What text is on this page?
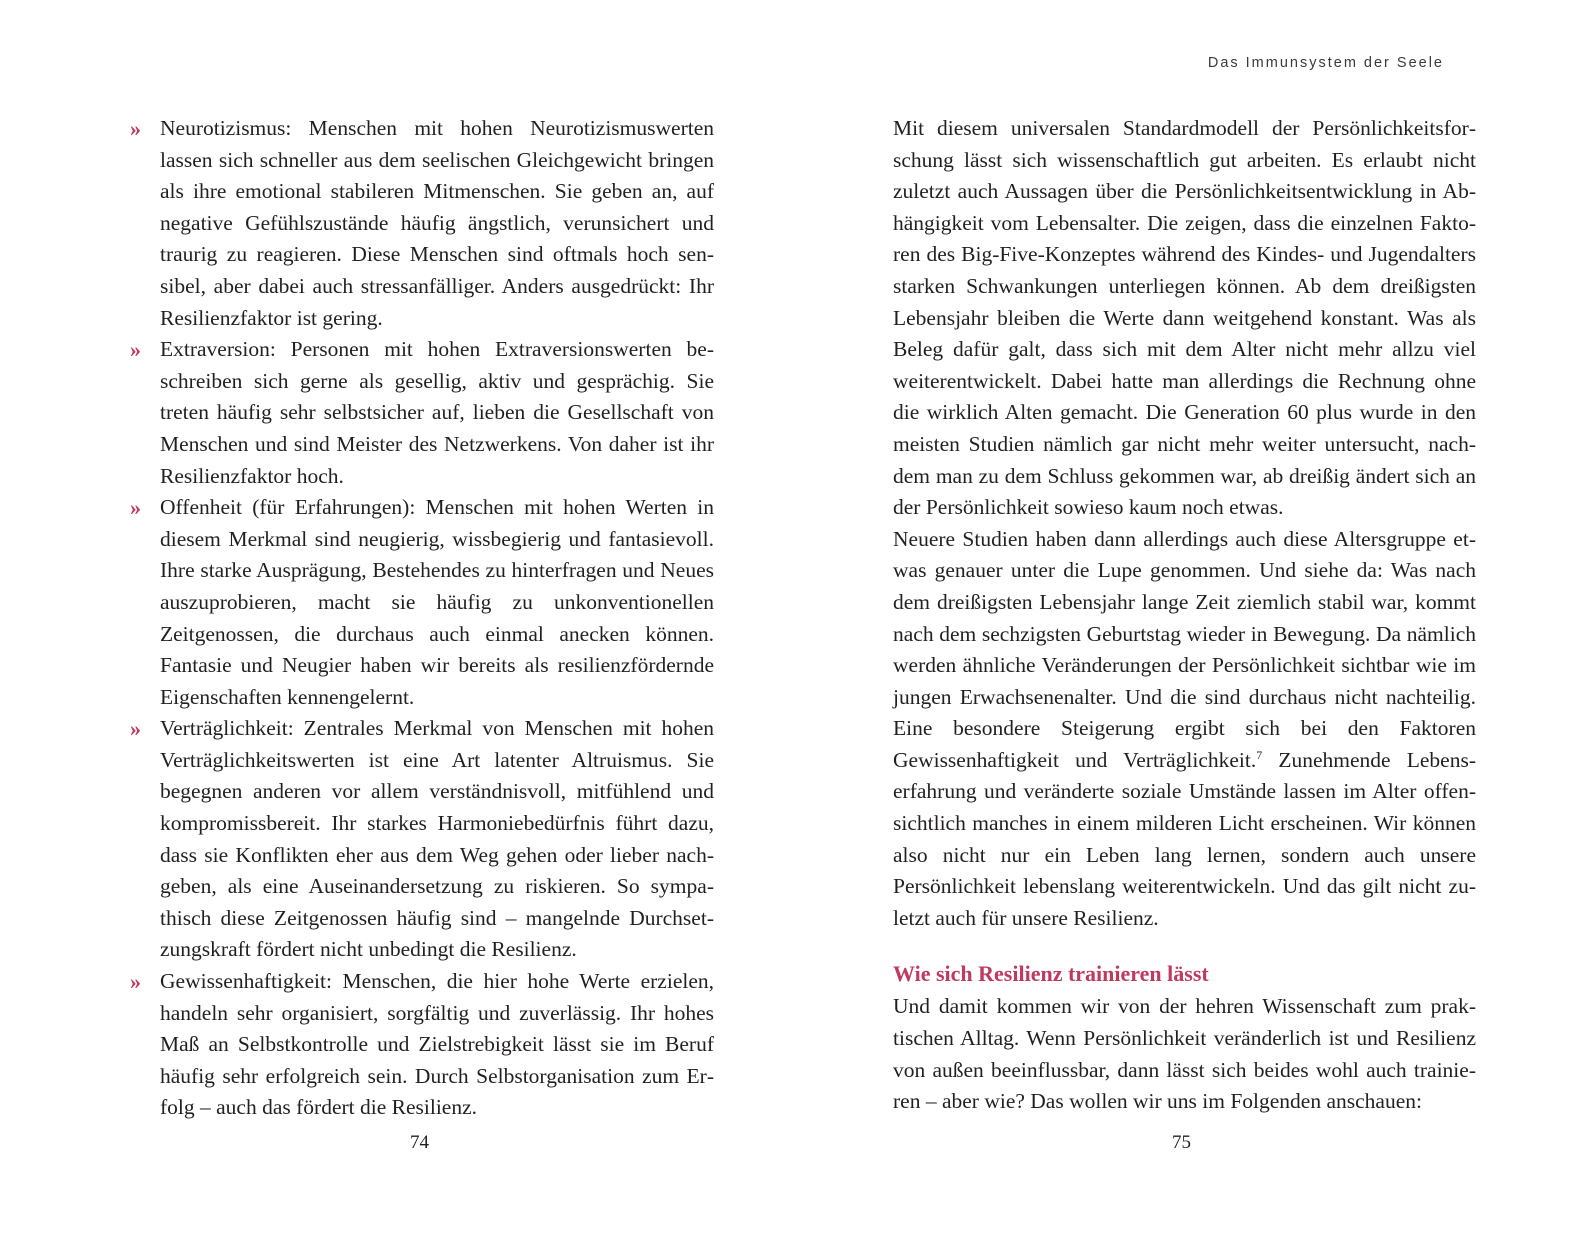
Das Immunsystem der Seele

» Neurotizismus: Menschen mit hohen Neurotizismuswerten lassen sich schneller aus dem seelischen Gleichgewicht bringen als ihre emotional stabileren Mitmenschen. Sie geben an, auf negative Gefühlszustände häufig ängstlich, verunsichert und traurig zu reagieren. Diese Menschen sind oftmals hoch sensibel, aber dabei auch stressanfälliger. Anders ausgedrückt: Ihr Resilienzfaktor ist gering.
» Extraversion: Personen mit hohen Extraversionswerten beschreiben sich gerne als gesellig, aktiv und gesprächig. Sie treten häufig sehr selbstsicher auf, lieben die Gesellschaft von Menschen und sind Meister des Netzwerkens. Von daher ist ihr Resilienzfaktor hoch.
» Offenheit (für Erfahrungen): Menschen mit hohen Werten in diesem Merkmal sind neugierig, wissbegierig und fantasievoll. Ihre starke Ausprägung, Bestehendes zu hinterfragen und Neues auszuprobieren, macht sie häufig zu unkonventionellen Zeitgenossen, die durchaus auch einmal anecken können. Fantasie und Neugier haben wir bereits als resilienzfördernde Eigenschaften kennengelernt.
» Verträglichkeit: Zentrales Merkmal von Menschen mit hohen Verträglichkeitswerten ist eine Art latenter Altruismus. Sie begegnen anderen vor allem verständnisvoll, mitfühlend und kompromissbereit. Ihr starkes Harmoniebedürfnis führt dazu, dass sie Konflikten eher aus dem Weg gehen oder lieber nachgeben, als eine Auseinandersetzung zu riskieren. So sympathisch diese Zeitgenossen häufig sind – mangelnde Durchsetzungskraft fördert nicht unbedingt die Resilienz.
» Gewissenhaftigkeit: Menschen, die hier hohe Werte erzielen, handeln sehr organisiert, sorgfältig und zuverlässig. Ihr hohes Maß an Selbstkontrolle und Zielstrebigkeit lässt sie im Beruf häufig sehr erfolgreich sein. Durch Selbstorganisation zum Erfolg – auch das fördert die Resilienz.

74

Mit diesem universalen Standardmodell der Persönlichkeitsforschung lässt sich wissenschaftlich gut arbeiten. Es erlaubt nicht zuletzt auch Aussagen über die Persönlichkeitsentwicklung in Abhängigkeit vom Lebensalter. Die zeigen, dass die einzelnen Faktoren des Big-Five-Konzeptes während des Kindes- und Jugendalters starken Schwankungen unterliegen können. Ab dem dreißigsten Lebensjahr bleiben die Werte dann weitgehend konstant. Was als Beleg dafür galt, dass sich mit dem Alter nicht mehr allzu viel weiterentwickelt. Dabei hatte man allerdings die Rechnung ohne die wirklich Alten gemacht. Die Generation 60 plus wurde in den meisten Studien nämlich gar nicht mehr weiter untersucht, nachdem man zu dem Schluss gekommen war, ab dreißig ändert sich an der Persönlichkeit sowieso kaum noch etwas.

Neuere Studien haben dann allerdings auch diese Altersgruppe etwas genauer unter die Lupe genommen. Und siehe da: Was nach dem dreißigsten Lebensjahr lange Zeit ziemlich stabil war, kommt nach dem sechzigsten Geburtstag wieder in Bewegung. Da nämlich werden ähnliche Veränderungen der Persönlichkeit sichtbar wie im jungen Erwachsenenalter. Und die sind durchaus nicht nachteilig. Eine besondere Steigerung ergibt sich bei den Faktoren Gewissenhaftigkeit und Verträglichkeit.$^7$ Zunehmende Lebenserfahrung und veränderte soziale Umstände lassen im Alter offensichtlich manches in einem milderen Licht erscheinen. Wir können also nicht nur ein Leben lang lernen, sondern auch unsere Persönlichkeit lebenslang weiterentwickeln. Und das gilt nicht zuletzt auch für unsere Resilienz.

Wie sich Resilienz trainieren lässt

Und damit kommen wir von der hehren Wissenschaft zum praktischen Alltag. Wenn Persönlichkeit veränderlich ist und Resilienz von außen beeinflussbar, dann lässt sich beides wohl auch trainieren – aber wie? Das wollen wir uns im Folgenden anschauen:

75
